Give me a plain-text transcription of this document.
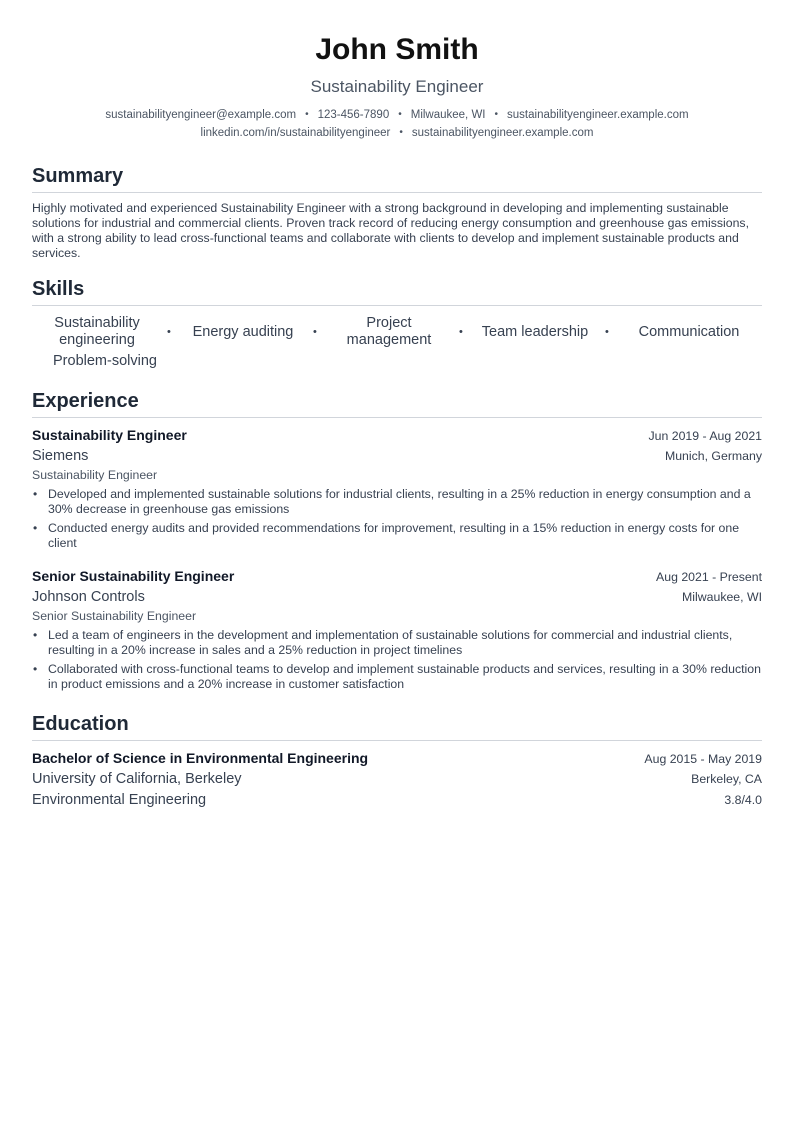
John Smith
Sustainability Engineer
sustainabilityengineer@example.com • 123-456-7890 • Milwaukee, WI • sustainabilityengineer.example.com
linkedin.com/in/sustainabilityengineer • sustainabilityengineer.example.com
Summary
Highly motivated and experienced Sustainability Engineer with a strong background in developing and implementing sustainable solutions for industrial and commercial clients. Proven track record of reducing energy consumption and greenhouse gas emissions, with a strong ability to lead cross-functional teams and collaborate with clients to develop and implement sustainable products and services.
Skills
Sustainability engineering	•	Energy auditing	•
Project management	•	Team leadership	•	Communication
Problem-solving
Experience
Sustainability Engineer	Jun 2019 - Aug 2021
Siemens	Munich, Germany
Sustainability Engineer
• Developed and implemented sustainable solutions for industrial clients, resulting in a 25% reduction in energy consumption and a 30% decrease in greenhouse gas emissions
• Conducted energy audits and provided recommendations for improvement, resulting in a 15% reduction in energy costs for one client
Senior Sustainability Engineer	Aug 2021 - Present
Johnson Controls	Milwaukee, WI
Senior Sustainability Engineer
• Led a team of engineers in the development and implementation of sustainable solutions for commercial and industrial clients, resulting in a 20% increase in sales and a 25% reduction in project timelines
• Collaborated with cross-functional teams to develop and implement sustainable products and services, resulting in a 30% reduction in product emissions and a 20% increase in customer satisfaction
Education
Bachelor of Science in Environmental Engineering	Aug 2015 - May 2019
University of California, Berkeley	Berkeley, CA
Environmental Engineering	3.8/4.0
